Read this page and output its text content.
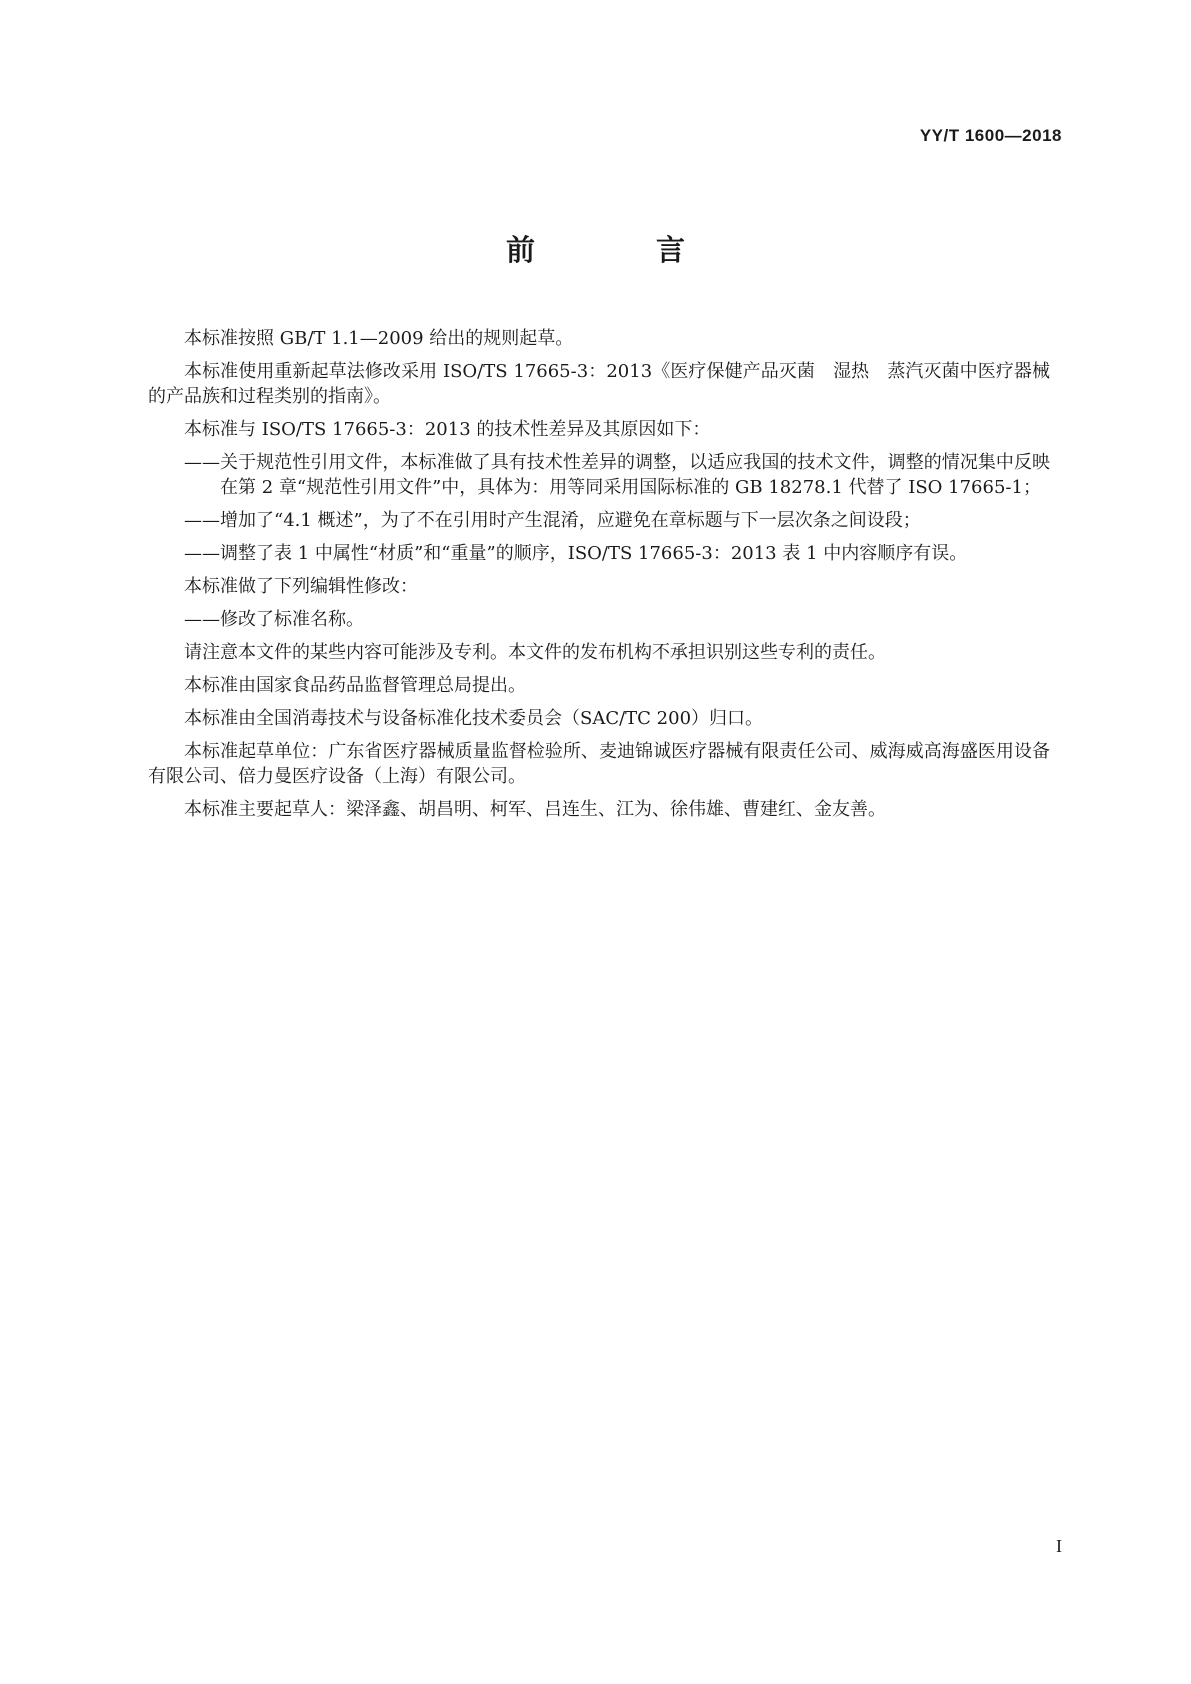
YY/T 1600—2018
前　言

本标准按照 GB/T 1.1—2009 给出的规则起草。

本标准使用重新起草法修改采用 ISO/TS 17665-3：2013《医疗保健产品灭菌　湿热　蒸汽灭菌中医疗器械的产品族和过程类别的指南》。

本标准与 ISO/TS 17665-3：2013 的技术性差异及其原因如下：

——关于规范性引用文件，本标准做了具有技术性差异的调整，以适应我国的技术文件，调整的情况集中反映在第 2 章“规范性引用文件”中，具体为：用等同采用国际标准的 GB 18278.1 代替了 ISO 17665-1；

——增加了“4.1 概述”，为了不在引用时产生混淆，应避免在章标题与下一层次条之间设段；

——调整了表 1 中属性“材质”和“重量”的顺序，ISO/TS 17665-3：2013 表 1 中内容顺序有误。

本标准做了下列编辑性修改：

——修改了标准名称。

请注意本文件的某些内容可能涉及专利。本文件的发布机构不承担识别这些专利的责任。

本标准由国家食品药品监督管理总局提出。

本标准由全国消毒技术与设备标准化技术委员会（SAC/TC 200）归口。

本标准起草单位：广东省医疗器械质量监督检验所、麦迪锦诚医疗器械有限责任公司、威海威高海盛医用设备有限公司、倍力曼医疗设备（上海）有限公司。

本标准主要起草人：梁泽鑫、胡昌明、柯军、吕连生、江为、徐伟雄、曹建红、金友善。

I
